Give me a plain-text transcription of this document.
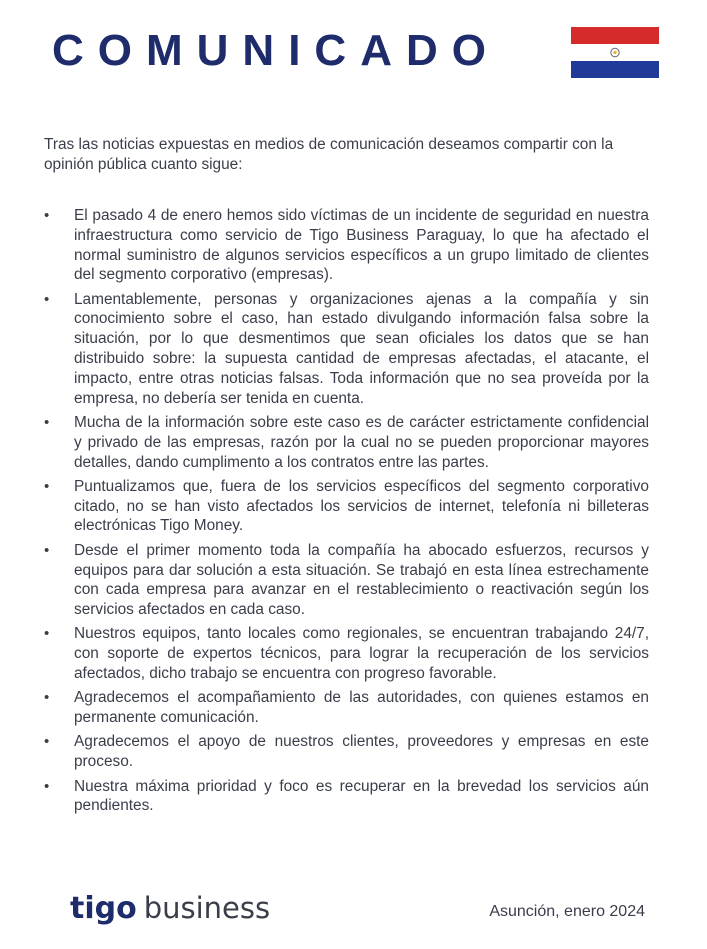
COMUNICADO

Tras las noticias expuestas en medios de comunicación deseamos compartir con la opinión pública cuanto sigue:

• El pasado 4 de enero hemos sido víctimas de un incidente de seguridad en nuestra infraestructura como servicio de Tigo Business Paraguay, lo que ha afectado el normal suministro de algunos servicios específicos a un grupo limitado de clientes del segmento corporativo (empresas).
• Lamentablemente, personas y organizaciones ajenas a la compañía y sin conocimiento sobre el caso, han estado divulgando información falsa sobre la situación, por lo que desmentimos que sean oficiales los datos que se han distribuido sobre: la supuesta cantidad de empresas afectadas, el atacante, el impacto, entre otras noticias falsas. Toda información que no sea proveída por la empresa, no debería ser tenida en cuenta.
• Mucha de la información sobre este caso es de carácter estrictamente confidencial y privado de las empresas, razón por la cual no se pueden proporcionar mayores detalles, dando cumplimento a los contratos entre las partes.
• Puntualizamos que, fuera de los servicios específicos del segmento corporativo citado, no se han visto afectados los servicios de internet, telefonía ni billeteras electrónicas Tigo Money.
• Desde el primer momento toda la compañía ha abocado esfuerzos, recursos y equipos para dar solución a esta situación. Se trabajó en esta línea estrechamente con cada empresa para avanzar en el restablecimiento o reactivación según los servicios afectados en cada caso.
• Nuestros equipos, tanto locales como regionales, se encuentran trabajando 24/7, con soporte de expertos técnicos, para lograr la recuperación de los servicios afectados, dicho trabajo se encuentra con progreso favorable.
• Agradecemos el acompañamiento de las autoridades, con quienes estamos en permanente comunicación.
• Agradecemos el apoyo de nuestros clientes, proveedores y empresas en este proceso.
• Nuestra máxima prioridad y foco es recuperar en la brevedad los servicios aún pendientes.
tigo business	Asunción, enero 2024
